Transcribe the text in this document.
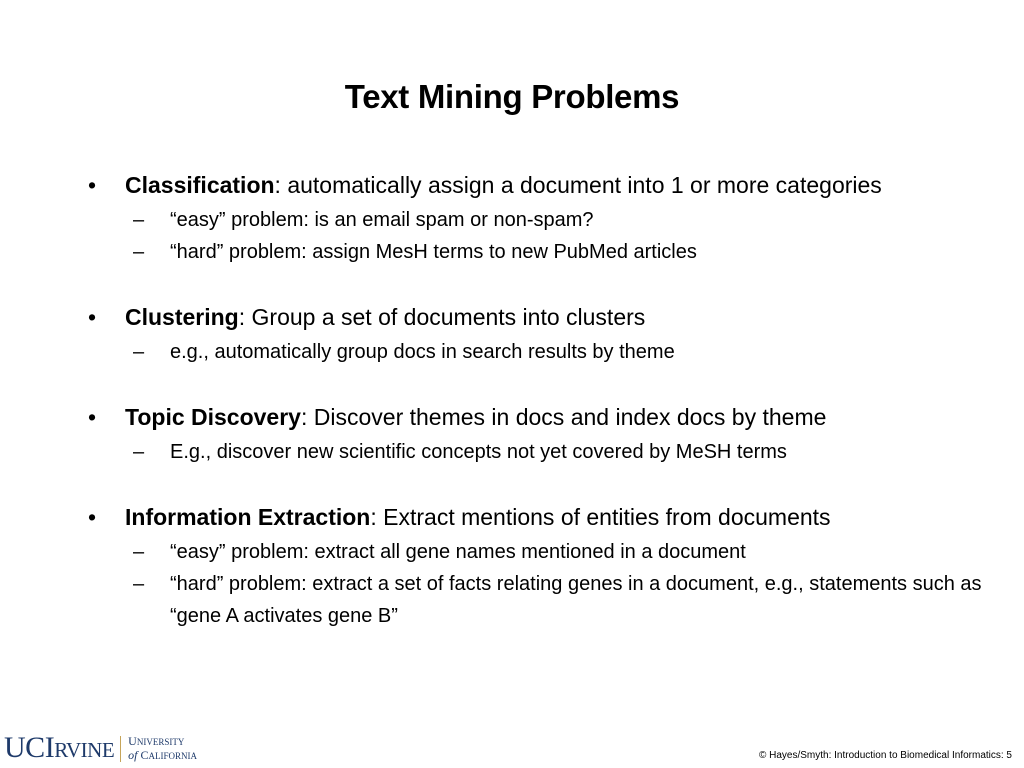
Text Mining Problems
• Classification: automatically assign a document into 1 or more categories
– “easy” problem: is an email spam or non-spam?
– “hard” problem: assign MesH terms to new PubMed articles
• Clustering: Group a set of documents into clusters
– e.g., automatically group docs in search results by theme
• Topic Discovery: Discover themes in docs and index docs by theme
– E.g., discover new scientific concepts not yet covered by MeSH terms
• Information Extraction: Extract mentions of entities from documents
– “easy” problem: extract all gene names mentioned in a document
– “hard” problem: extract a set of facts relating genes in a document, e.g., statements such as “gene A activates gene B”
UCIRVINE UNIVERSITY
of CALIFORNIA	© Hayes/Smyth: Introduction to Biomedical Informatics: 5
